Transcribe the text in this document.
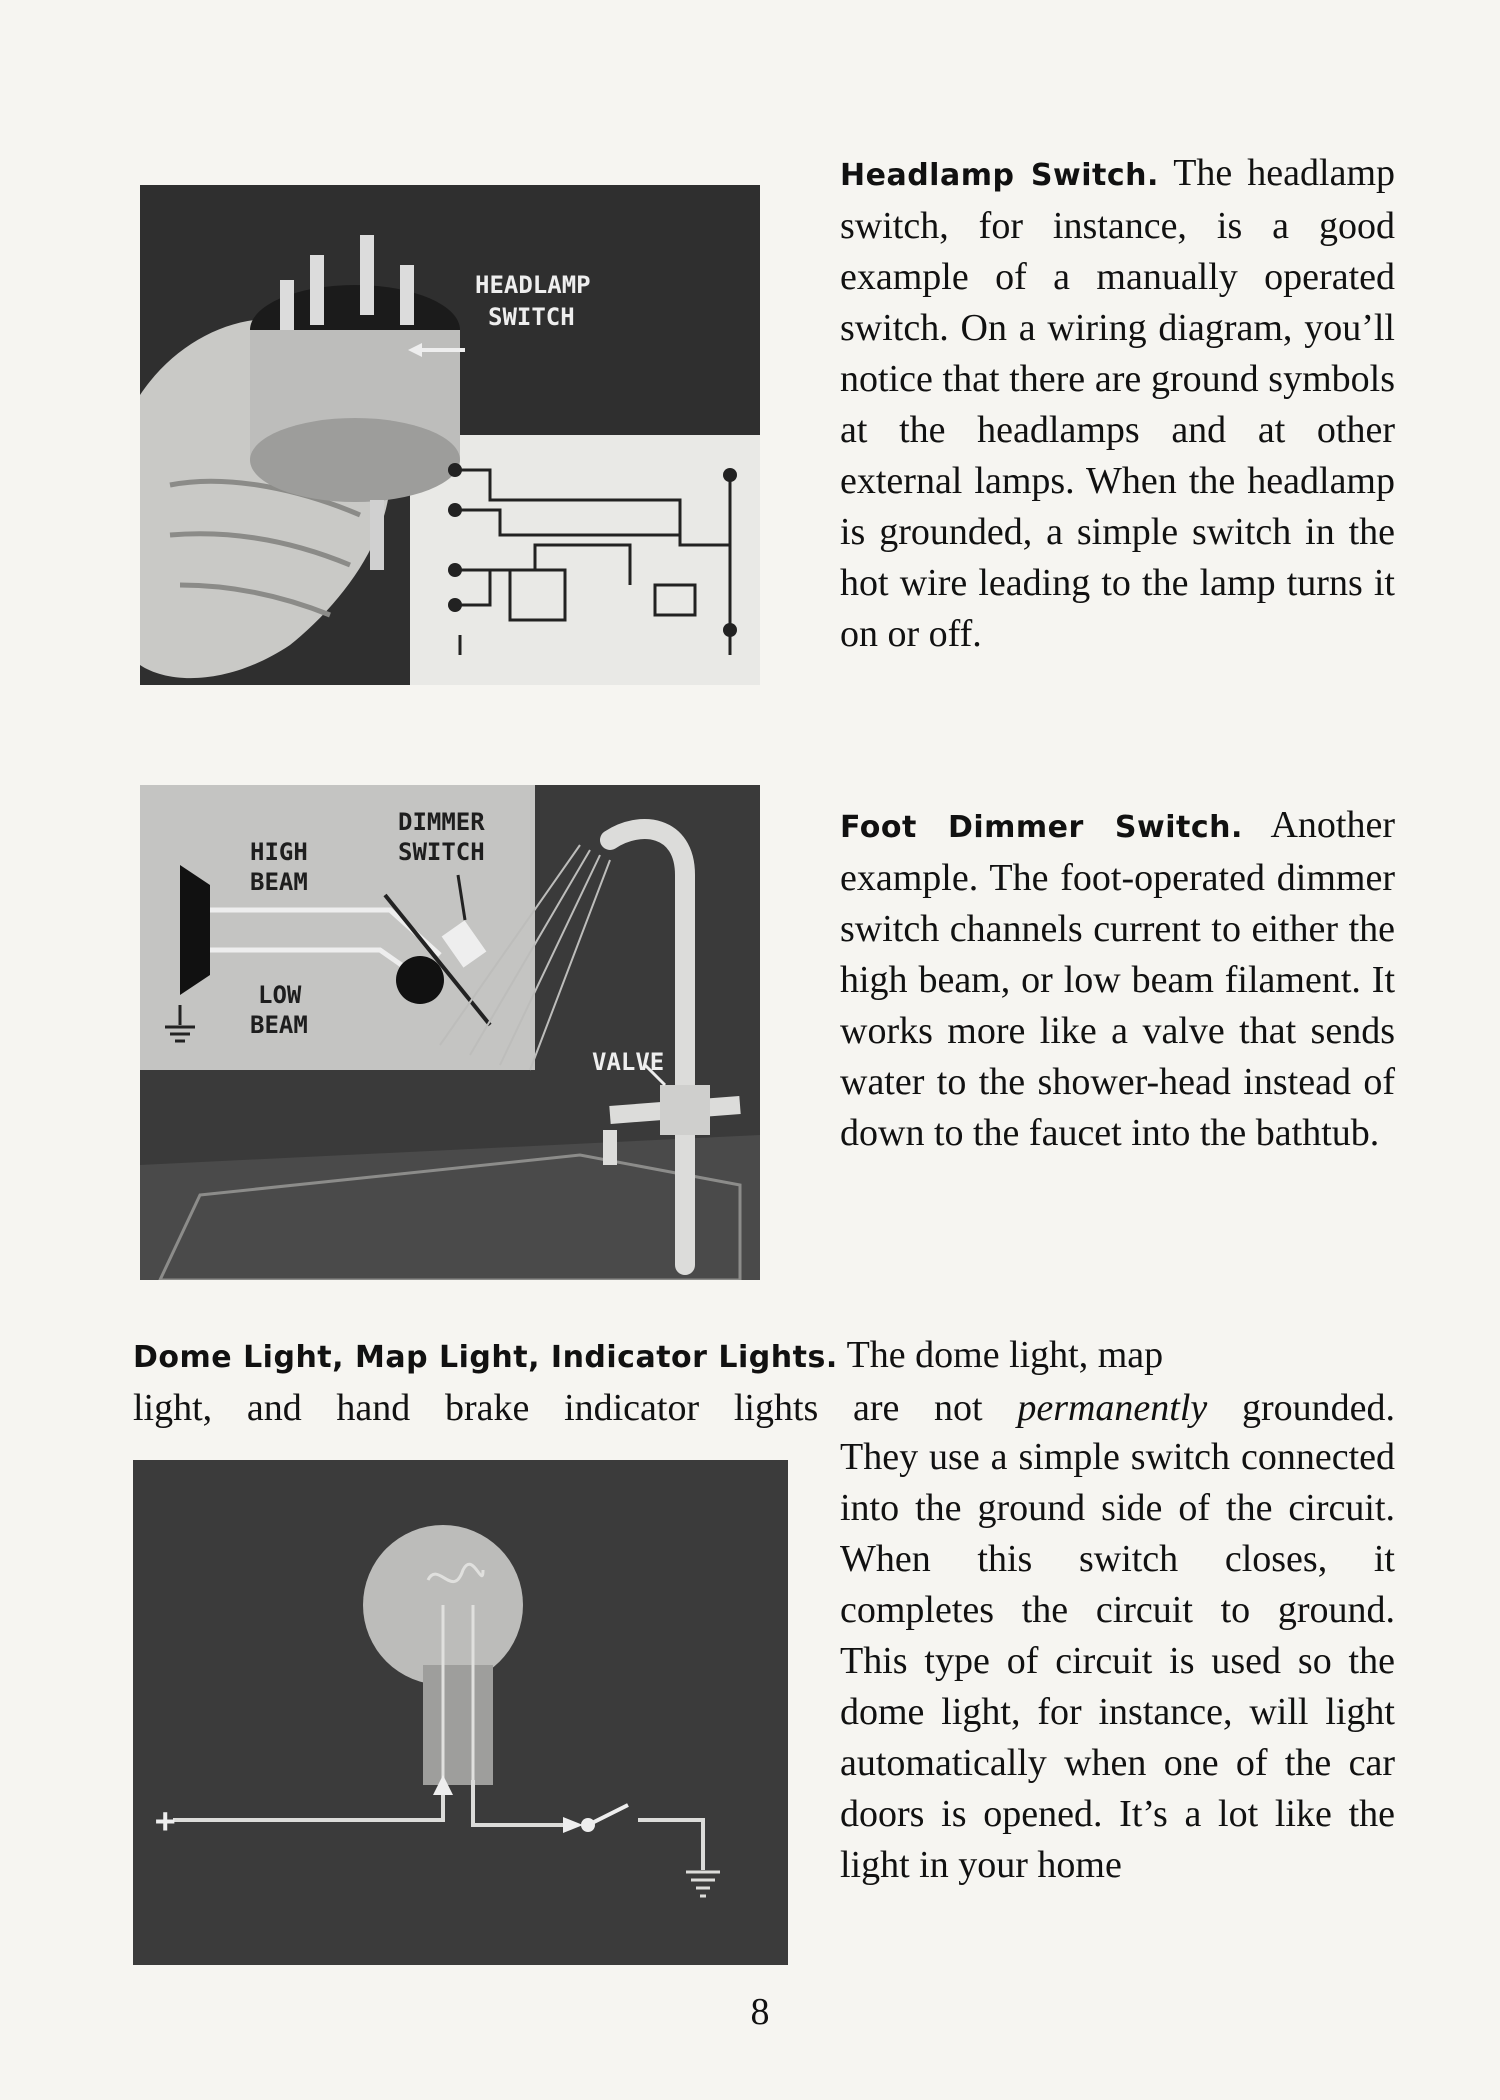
HEADLAMP
SWITCH

Headlamp Switch. The headlamp switch, for instance, is a good example of a manually operated switch. On a wiring diagram, you’ll notice that there are ground symbols at the headlamps and at other external lamps. When the headlamp is grounded, a simple switch in the hot wire leading to the lamp turns it on or off.

HIGH
BEAM
LOW
BEAM
DIMMER
SWITCH
VALVE

Foot Dimmer Switch. Another example. The foot-operated dimmer switch channels current to either the high beam, or low beam filament. It works more like a valve that sends water to the shower-head instead of down to the faucet into the bathtub.

Dome Light, Map Light, Indicator Lights. The dome light, map
light, and hand brake indicator lights are not permanently grounded.

+

They use a simple switch connected into the ground side of the circuit. When this switch closes, it completes the circuit to ground. This type of circuit is used so the dome light, for instance, will light automatically when one of the car doors is opened. It’s a lot like the light in your home

8
